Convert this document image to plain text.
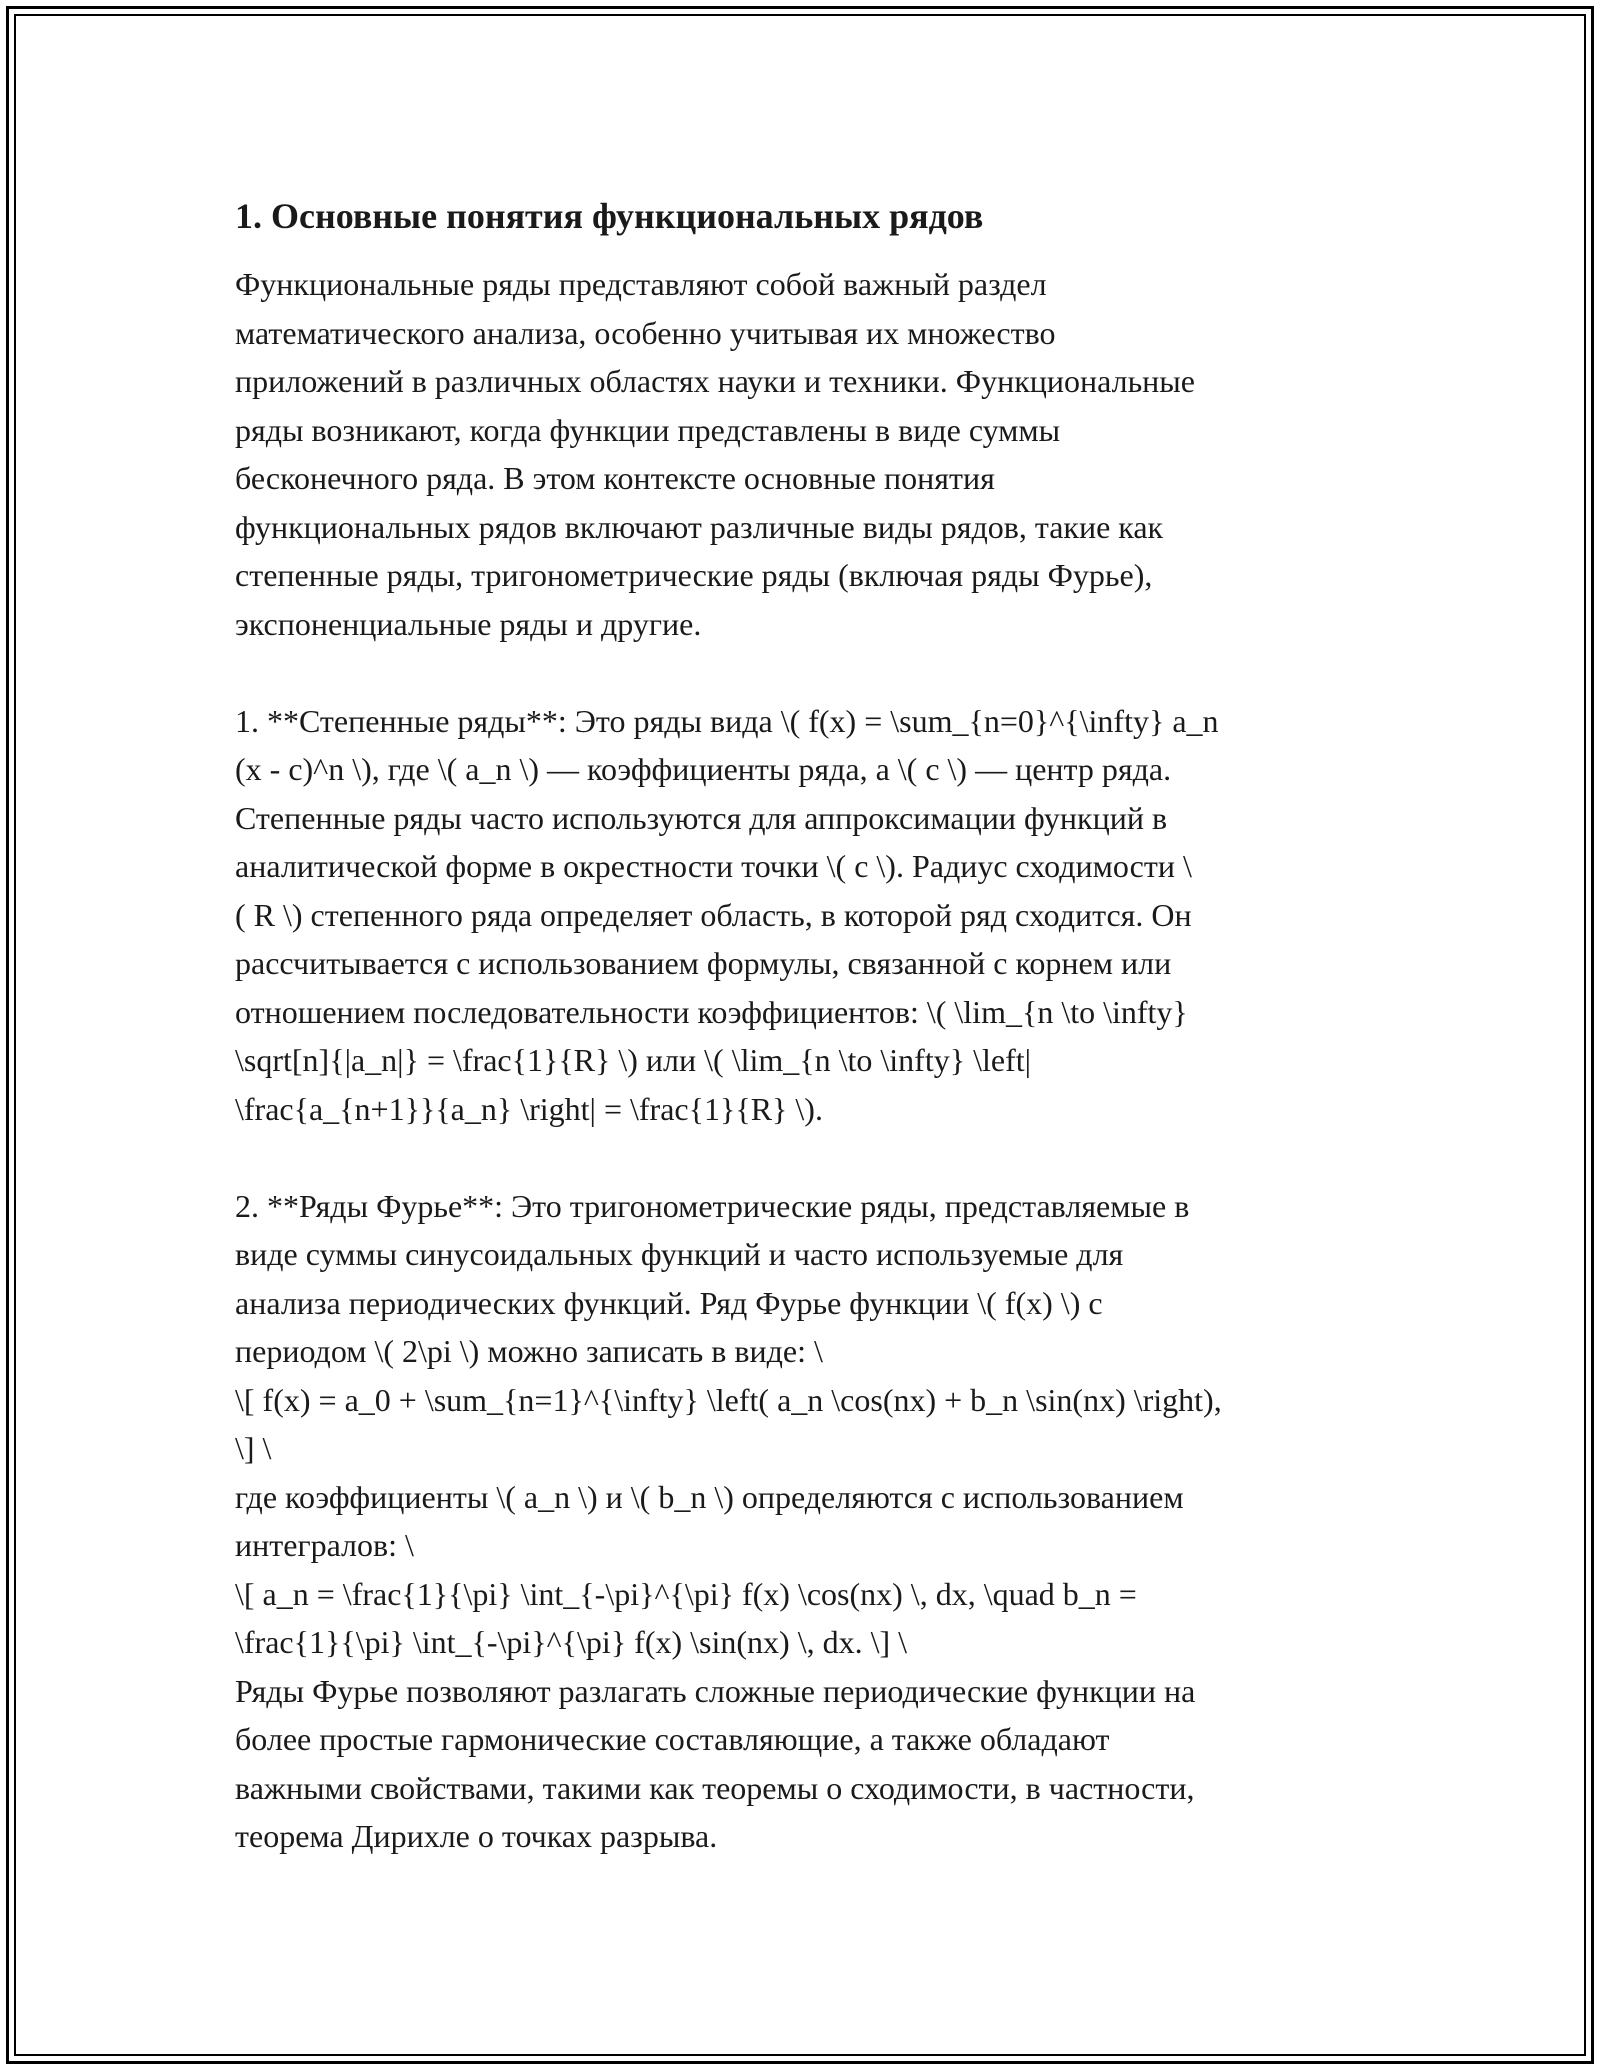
1. Основные понятия функциональных рядов
Функциональные ряды представляют собой важный раздел
математического анализа, особенно учитывая их множество
приложений в различных областях науки и техники. Функциональные
ряды возникают, когда функции представлены в виде суммы
бесконечного ряда. В этом контексте основные понятия
функциональных рядов включают различные виды рядов, такие как
степенные ряды, тригонометрические ряды (включая ряды Фурье),
экспоненциальные ряды и другие.
1. **Степенные ряды**: Это ряды вида \( f(x) = \sum_{n=0}^{\infty} a_n
(x - c)^n \), где \( a_n \) — коэффициенты ряда, а \( c \) — центр ряда.
Степенные ряды часто используются для аппроксимации функций в
аналитической форме в окрестности точки \( c \). Радиус сходимости \
( R \) степенного ряда определяет область, в которой ряд сходится. Он
рассчитывается с использованием формулы, связанной с корнем или
отношением последовательности коэффициентов: \( \lim_{n \to \infty}
\sqrt[n]{|a_n|} = \frac{1}{R} \) или \( \lim_{n \to \infty} \left|
\frac{a_{n+1}}{a_n} \right| = \frac{1}{R} \).
2. **Ряды Фурье**: Это тригонометрические ряды, представляемые в
виде суммы синусоидальных функций и часто используемые для
анализа периодических функций. Ряд Фурье функции \( f(x) \) с
периодом \( 2\pi \) можно записать в виде: \
\[ f(x) = a_0 + \sum_{n=1}^{\infty} \left( a_n \cos(nx) + b_n \sin(nx) \right),
\] \
где коэффициенты \( a_n \) и \( b_n \) определяются с использованием
интегралов: \
\[ a_n = \frac{1}{\pi} \int_{-\pi}^{\pi} f(x) \cos(nx) \, dx, \quad b_n =
\frac{1}{\pi} \int_{-\pi}^{\pi} f(x) \sin(nx) \, dx. \] \
Ряды Фурье позволяют разлагать сложные периодические функции на
более простые гармонические составляющие, а также обладают
важными свойствами, такими как теоремы о сходимости, в частности,
теорема Дирихле о точках разрыва.
